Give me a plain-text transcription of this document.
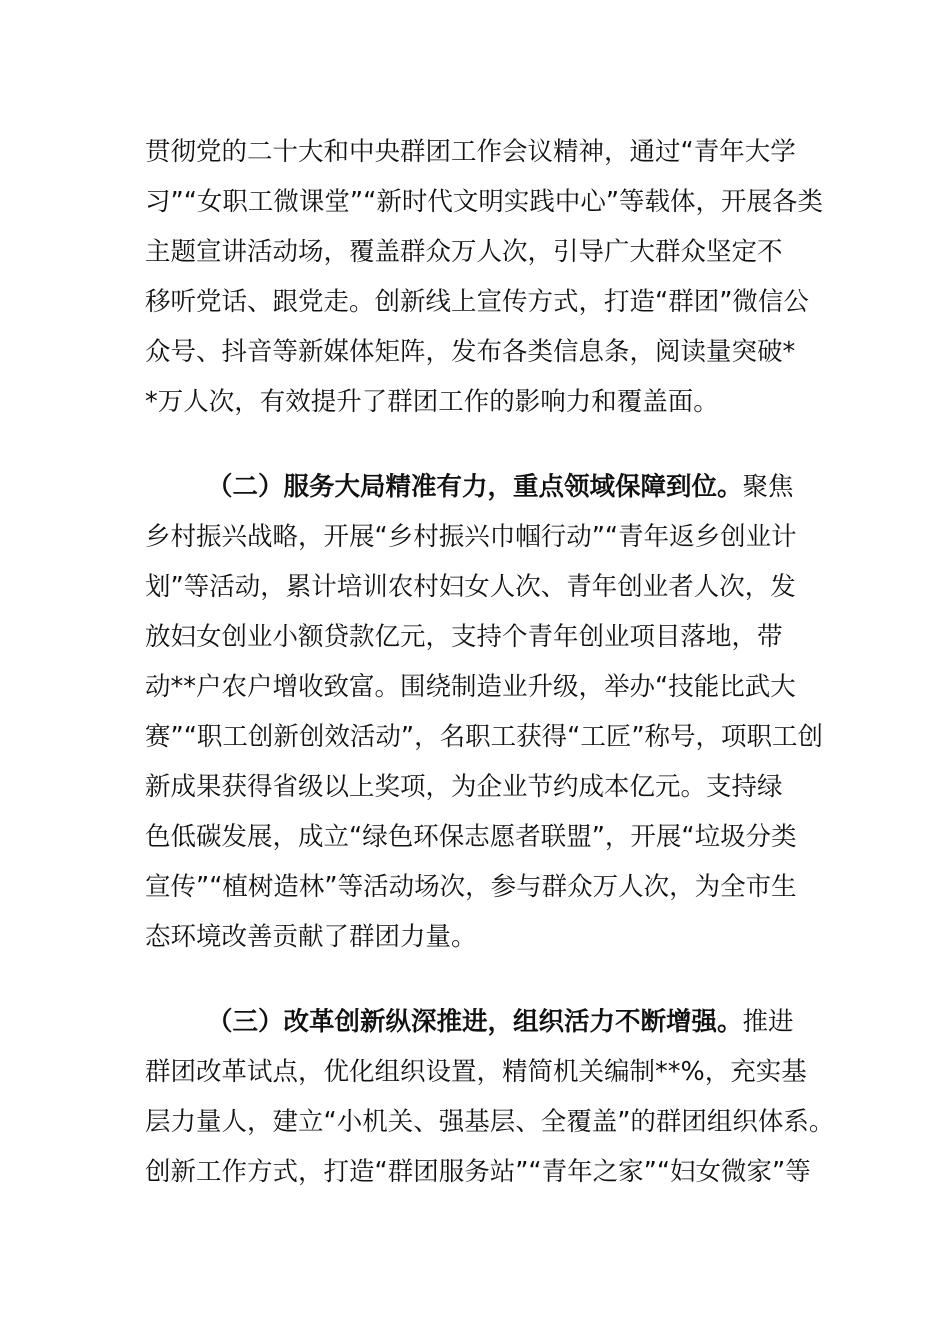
贯彻党的二十大和中央群团工作会议精神，通过“青年大学
习”“女职工微课堂”“新时代文明实践中心”等载体，开展各类
主题宣讲活动场，覆盖群众万人次，引导广大群众坚定不
移听党话、跟党走。创新线上宣传方式，打造“群团”微信公
众号、抖音等新媒体矩阵，发布各类信息条，阅读量突破*
*万人次，有效提升了群团工作的影响力和覆盖面。
（二）服务大局精准有力，重点领域保障到位。聚焦
乡村振兴战略，开展“乡村振兴巾帼行动”“青年返乡创业计
划”等活动，累计培训农村妇女人次、青年创业者人次，发
放妇女创业小额贷款亿元，支持个青年创业项目落地，带
动**户农户增收致富。围绕制造业升级，举办“技能比武大
赛”“职工创新创效活动”，名职工获得“工匠”称号，项职工创
新成果获得省级以上奖项，为企业节约成本亿元。支持绿
色低碳发展，成立“绿色环保志愿者联盟”，开展“垃圾分类
宣传”“植树造林”等活动场次，参与群众万人次，为全市生
态环境改善贡献了群团力量。
（三）改革创新纵深推进，组织活力不断增强。推进
群团改革试点，优化组织设置，精简机关编制**%，充实基
层力量人，建立“小机关、强基层、全覆盖”的群团组织体系。
创新工作方式，打造“群团服务站”“青年之家”“妇女微家”等
